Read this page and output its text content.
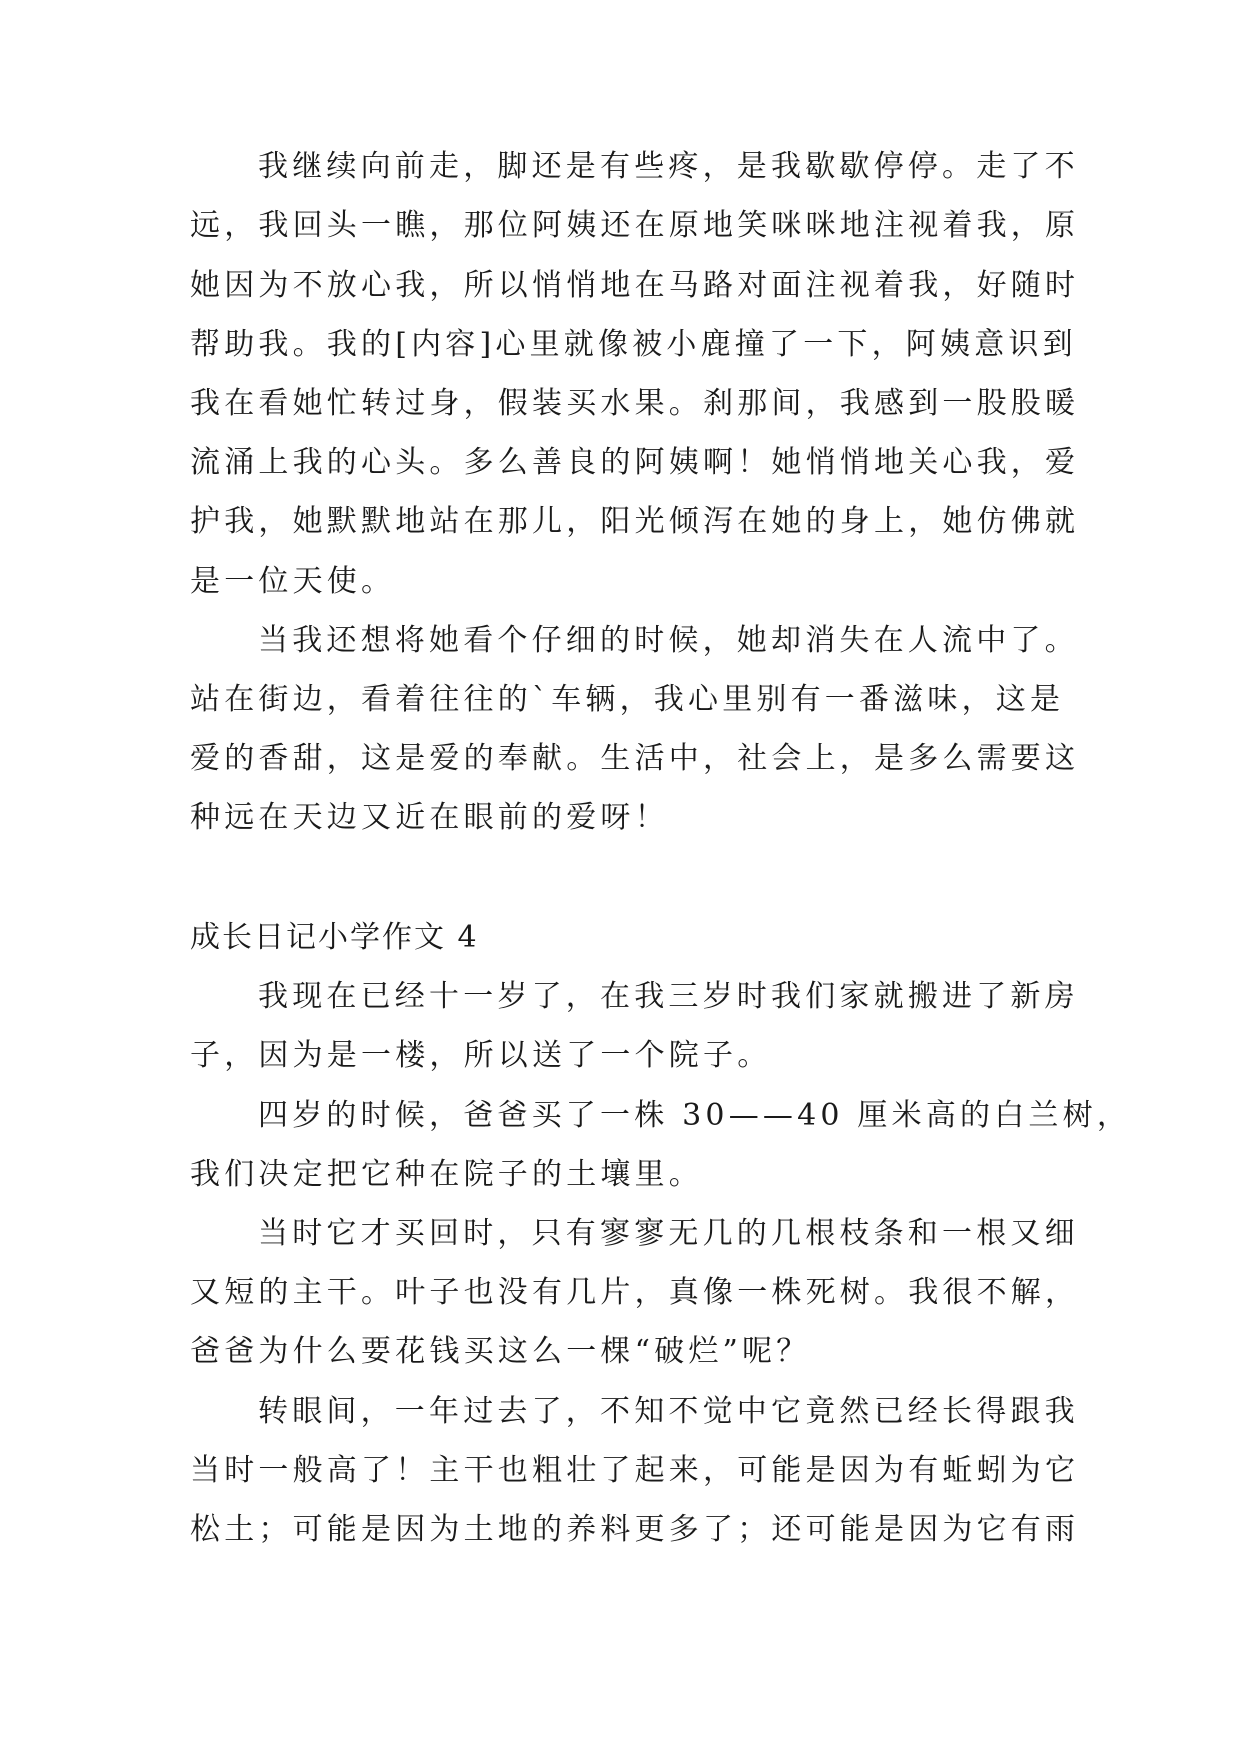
我继续向前走，脚还是有些疼，是我歇歇停停。走了不
远，我回头一瞧，那位阿姨还在原地笑咪咪地注视着我，原
她因为不放心我，所以悄悄地在马路对面注视着我，好随时
帮助我。我的[内容]心里就像被小鹿撞了一下，阿姨意识到
我在看她忙转过身，假装买水果。刹那间，我感到一股股暖
流涌上我的心头。多么善良的阿姨啊！她悄悄地关心我，爱
护我，她默默地站在那儿，阳光倾泻在她的身上，她仿佛就
是一位天使。
当我还想将她看个仔细的时候，她却消失在人流中了。
站在街边，看着往往的`车辆，我心里别有一番滋味，这是
爱的香甜，这是爱的奉献。生活中，社会上，是多么需要这
种远在天边又近在眼前的爱呀！
成长日记小学作文 4
我现在已经十一岁了，在我三岁时我们家就搬进了新房
子，因为是一楼，所以送了一个院子。
四岁的时候，爸爸买了一株 30——40 厘米高的白兰树，
我们决定把它种在院子的土壤里。
当时它才买回时，只有寥寥无几的几根枝条和一根又细
又短的主干。叶子也没有几片，真像一株死树。我很不解，
爸爸为什么要花钱买这么一棵“破烂”呢？
转眼间，一年过去了，不知不觉中它竟然已经长得跟我
当时一般高了！主干也粗壮了起来，可能是因为有蚯蚓为它
松土；可能是因为土地的养料更多了；还可能是因为它有雨
